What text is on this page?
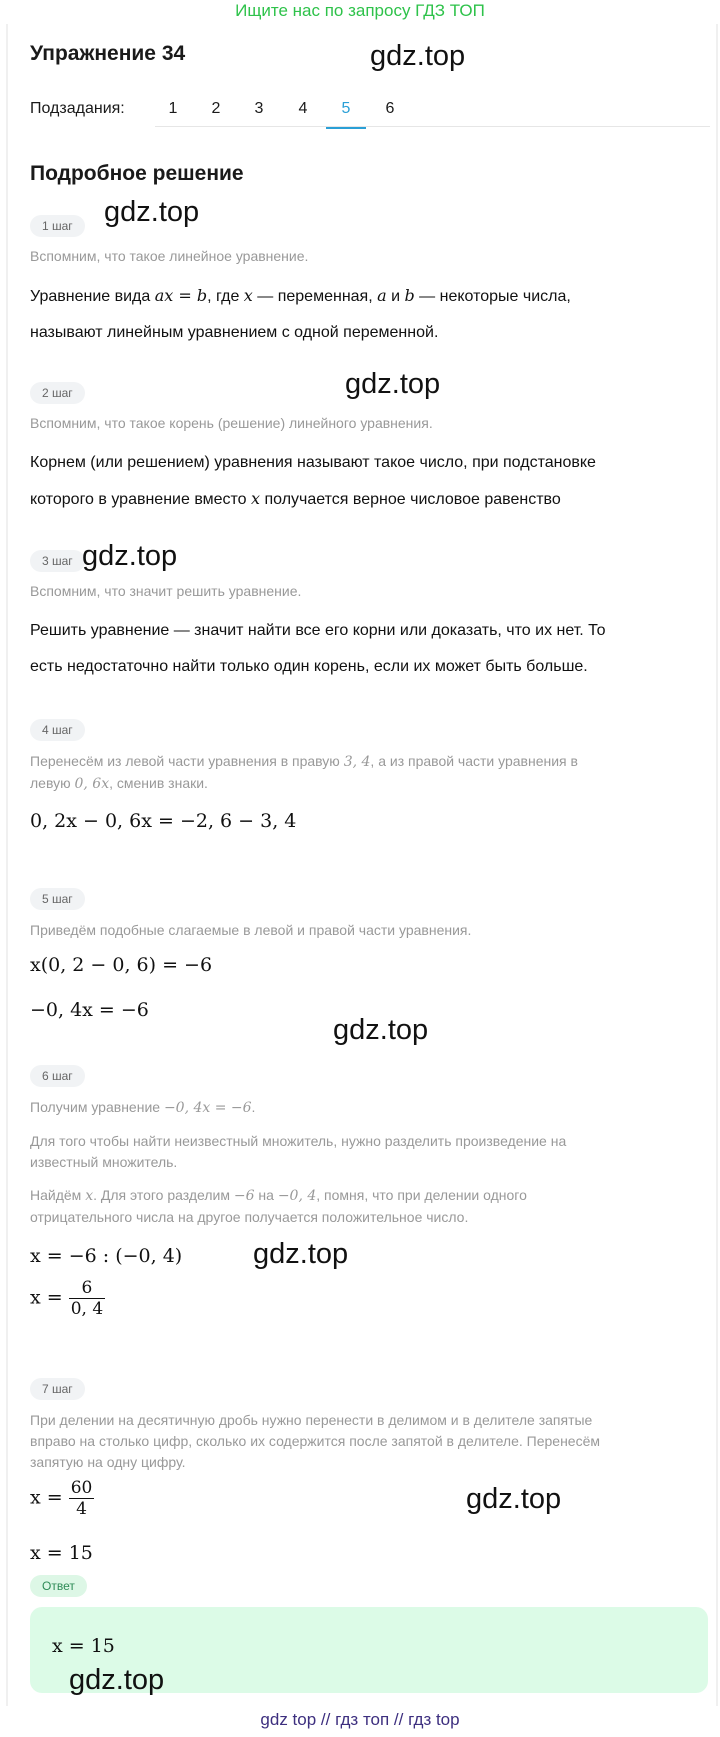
Ищите нас по запросу ГДЗ ТОП
Упражнение 34
Подзадания:	1	2	3	4	5	6
Подробное решение
1 шаг
Вспомним, что такое линейное уравнение.
Уравнение вида ax = b, где x — переменная, a и b — некоторые числа,
называют линейным уравнением с одной переменной.
2 шаг
Вспомним, что такое корень (решение) линейного уравнения.
Корнем (или решением) уравнения называют такое число, при подстановке
которого в уравнение вместо x получается верное числовое равенство
3 шаг
Вспомним, что значит решить уравнение.
Решить уравнение — значит найти все его корни или доказать, что их нет. То
есть недостаточно найти только один корень, если их может быть больше.
4 шаг
Перенесём из левой части уравнения в правую 3, 4, а из правой части уравнения в
левую 0, 6x, сменив знаки.
0, 2x − 0, 6x = −2, 6 − 3, 4
5 шаг
Приведём подобные слагаемые в левой и правой части уравнения.
x(0, 2 − 0, 6) = −6
−0, 4x = −6
6 шаг
Получим уравнение −0, 4x = −6.
Для того чтобы найти неизвестный множитель, нужно разделить произведение на
известный множитель.
Найдём x. Для этого разделим −6 на −0, 4, помня, что при делении одного
отрицательного числа на другое получается положительное число.
x = −6 : (−0, 4)
$x = \frac{6}{0, 4}$
7 шаг
При делении на десятичную дробь нужно перенести в делимом и в делителе запятые
вправо на столько цифр, сколько их содержится после запятой в делителе. Перенесём
запятую на одну цифру.
$x = \frac{60}{4}$
x = 15
Ответ
x = 15
gdz.top
gdz.top
gdz.top
gdz.top
gdz.top
gdz.top
gdz.top
gdz.top
gdz top // гдз топ // гдз top
